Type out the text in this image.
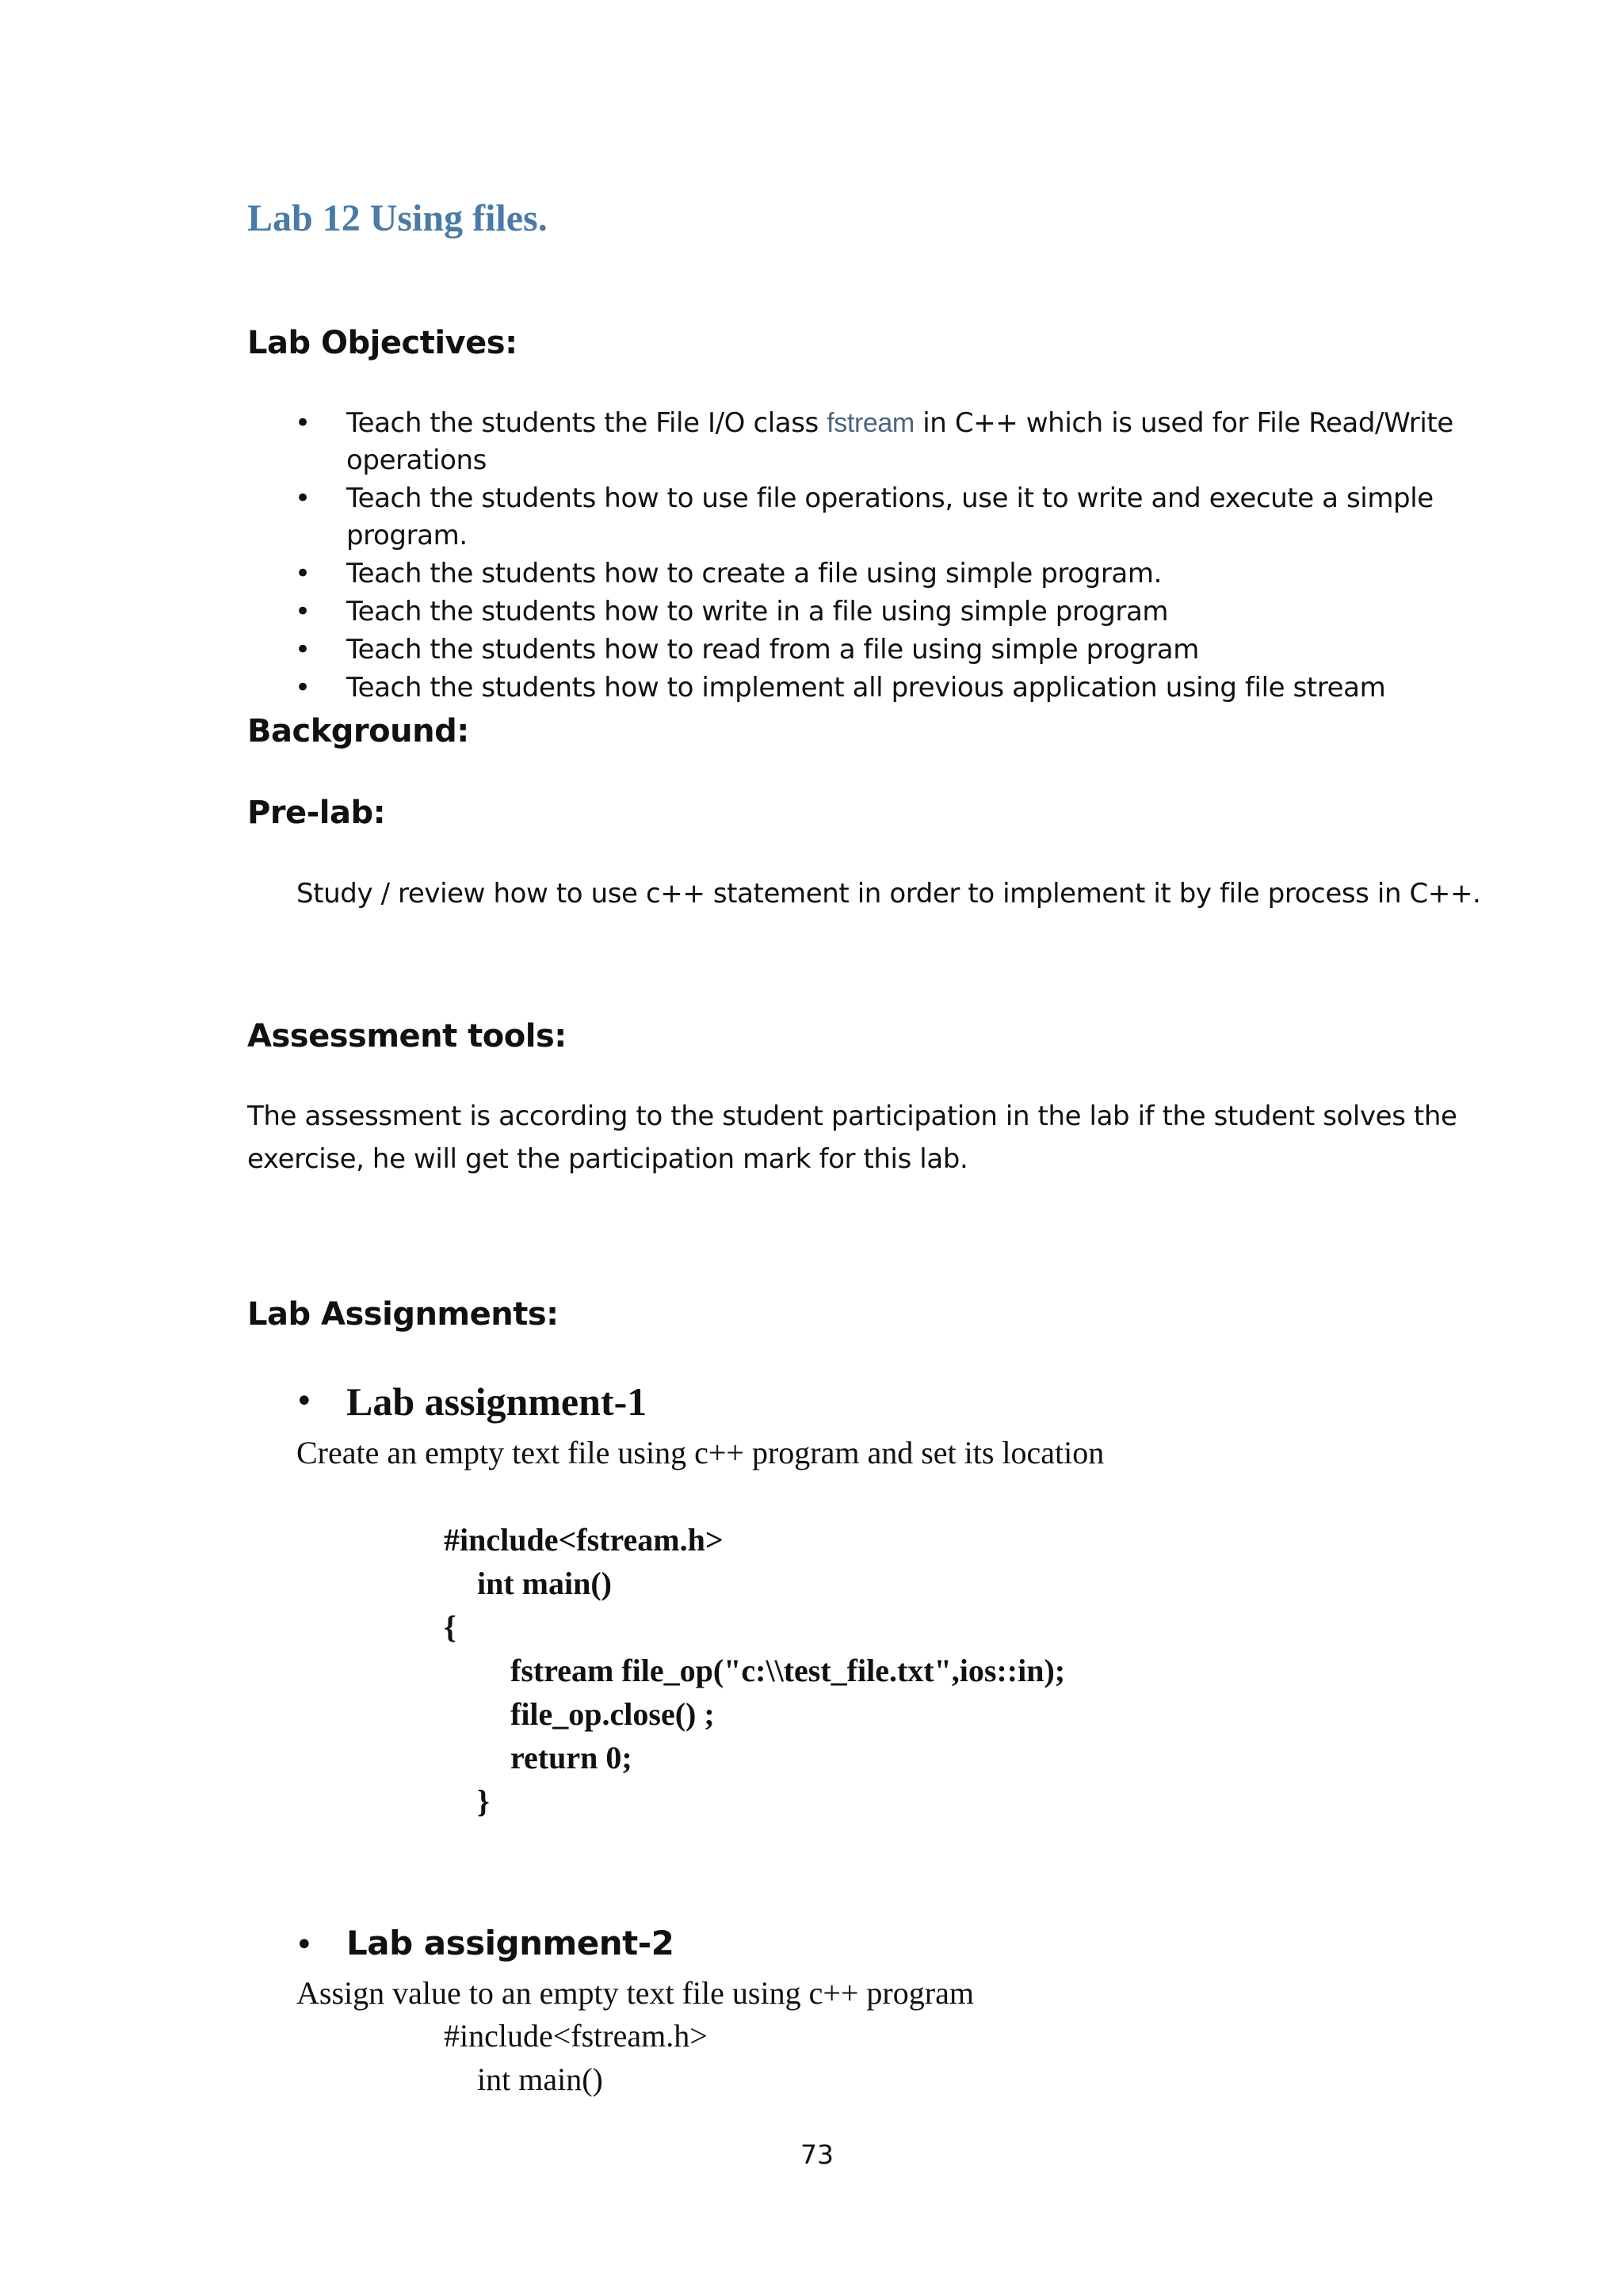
Lab 12 Using files.
Lab Objectives:
• Teach the students the File I/O class fstream in C++ which is used for File Read/Write

operations

• Teach the students how to use file operations, use it to write and execute a simple

program.

• Teach the students how to create a file using simple program.

• Teach the students how to write in a file using simple program

• Teach the students how to read from a file using simple program

• Teach the students how to implement all previous application using file stream

Background:
Pre-lab:

Study / review how to use c++ statement in order to implement it by file process in C++.

Assessment tools:

The assessment is according to the student participation in the lab if the student solves the

exercise, he will get the participation mark for this lab.

Lab Assignments:
• Lab assignment-1

Create an empty text file using c++ program and set its location

#include<fstream.h>

int main()

{

fstream file_op("c:\\test_file.txt",ios::in);

file_op.close() ;

return 0;

}

• Lab assignment-2

Assign value to an empty text file using c++ program

#include<fstream.h>

int main()

73
